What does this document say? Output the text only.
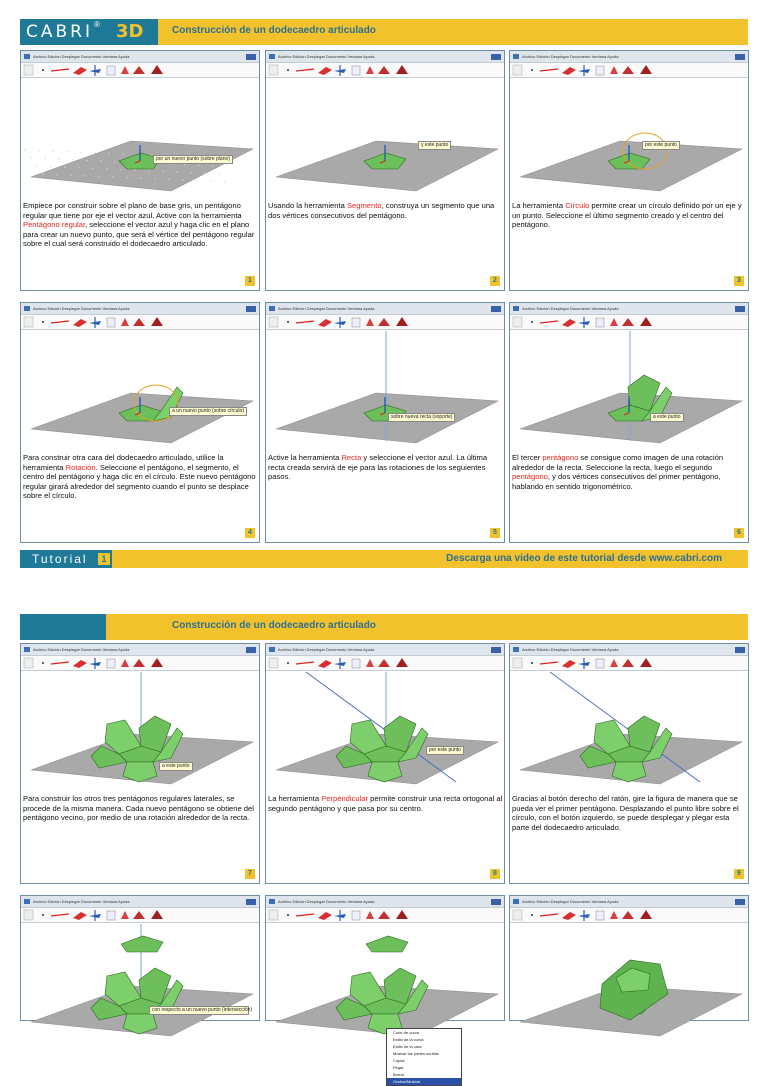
CABRI ® 3D	Construcción de un dodecaedro articulado
Archivo Edición Desplegar Documento Ventana Ayuda
por un nuevo punto (sobre plano)
Empiece por construir sobre el plano de base gris, un pentágono regular que tiene por eje el vector azul. Active con la herramienta Pentágono regular, seleccione el vector azul y haga clic en el plano para crear un nuevo punto, que será el vértice del pentágono regular sobre el cual será construido el dodecaedro articulado.
1
Archivo Edición Desplegar Documento Ventana Ayuda
y este punto
Usando la herramienta Segmento, construya un segmento que una dos vértices consecutivos del pentágono.
2
Archivo Edición Desplegar Documento Ventana Ayuda
por este punto
La herramienta Círculo permite crear un círculo definido por un eje y un punto. Seleccione el último segmento creado y el centro del pentágono.
3
Archivo Edición Desplegar Documento Ventana Ayuda
a un nuevo punto (sobre círculo)
Para construir otra cara del dodecaedro articulado, utilice la herramienta Rotación. Seleccione el pentágono, el segmento, el centro del pentágono y haga clic en el círculo. Este nuevo pentágono regular girará alrededor del segmento cuando el punto se desplace sobre el círculo.
4
Archivo Edición Desplegar Documento Ventana Ayuda
sobre nueva recta (soporte)
Active la herramienta Recta y seleccione el vector azul. La última recta creada servirá de eje para las rotaciones de los seguientes pasos.
5
Archivo Edición Desplegar Documento Ventana Ayuda
a este punto
El tercer pentágono se consigue como imagen de una rotación alrededor de la recta. Seleccione la recta, luego el segundo pentágono, y dos vértices consecutivos del primer pentágono, hablando en sentido trigonométrico.
6
Tutorial	1	Descarga una video de este tutorial desde www.cabri.com
Construcción de un dodecaedro articulado
Archivo Edición Desplegar Documento Ventana Ayuda
a este punto
Para construir los otros tres pentágonos regulares laterales, se procede de la misma manera. Cada nuevo pentágono se obtiene del pentágono vecino, por medio de una rotación alrededor de la recta.
7
Archivo Edición Desplegar Documento Ventana Ayuda
por este punto
La herramienta Perpendicular permite construir una recta ortogonal al segundo pentágono y que pasa por su centro.
8
Archivo Edición Desplegar Documento Ventana Ayuda
Gracias al botón derecho del ratón, gire la figura de manera que se pueda ver el primer pentágono. Desplazando el punto libre sobre el círculo, con el botón izquierdo, se puede desplegar y plegar esta parte del dodecaedro articulado.
9
Archivo Edición Desplegar Documento Ventana Ayuda
con respecto a un nuevo punto (intersección)
Archivo Edición Desplegar Documento Ventana Ayuda
Color de curva
Estilo de la curva
Estilo de la cara
Mostrar las partes ocultas
Copiar
Pegar
Borrar
Ocultar/Mostrar
Archivo Edición Desplegar Documento Ventana Ayuda
